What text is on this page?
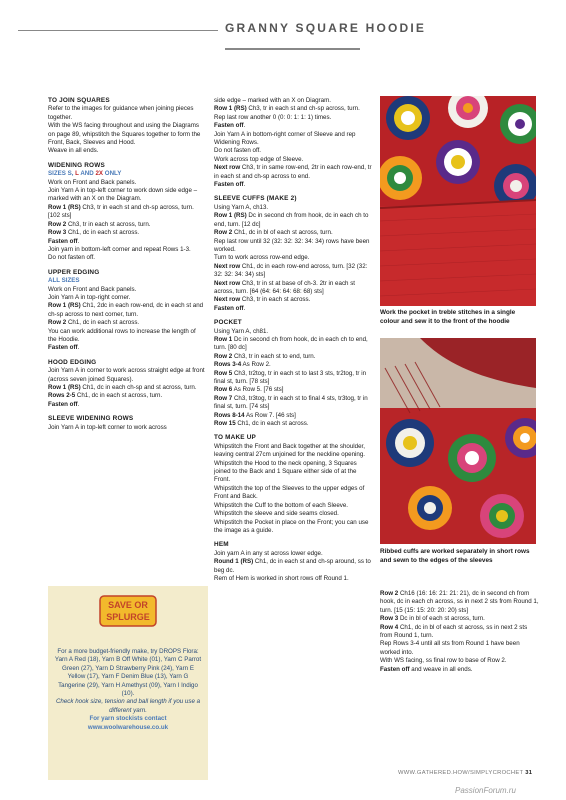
GRANNY SQUARE HOODIE

TO JOIN SQUARES

Refer to the images for guidance when joining pieces together.

With the WS facing throughout and using the Diagrams on page 89, whipstitch the Squares together to form the Front, Back, Sleeves and Hood.

Weave in all ends.

WIDENING ROWS

SIZES S, L AND 2X ONLY

Work on Front and Back panels.

Join Yarn A in top-left corner to work down side edge – marked with an X on the Diagram.

Row 1 (RS) Ch3, tr in each st and ch-sp across, turn. [102 sts]

Row 2 Ch3, tr in each st across, turn.

Row 3 Ch1, dc in each st across.

Fasten off.

Join yarn in bottom-left corner and repeat Rows 1-3.

Do not fasten off.

UPPER EDGING

ALL SIZES

Work on Front and Back panels.

Join Yarn A in top-right corner.

Row 1 (RS) Ch1, 2dc in each row-end, dc in each st and ch-sp across to next corner, turn.

Row 2 Ch1, dc in each st across.

You can work additional rows to increase the length of the Hoodie.

Fasten off.

HOOD EDGING

Join Yarn A in corner to work across straight edge at front (across seven joined Squares).

Row 1 (RS) Ch1, dc in each ch-sp and st across, turn.

Rows 2-5 Ch1, dc in each st across, turn.

Fasten off.

SLEEVE WIDENING ROWS

Join Yarn A in top-left corner to work across

side edge – marked with an X on Diagram.

Row 1 (RS) Ch3, tr in each st and ch-sp across, turn.

Rep last row another 0 (0: 0: 1: 1: 1) times.

Fasten off.

Join Yarn A in bottom-right corner of Sleeve and rep Widening Rows.

Do not fasten off.

Work across top edge of Sleeve.

Next row Ch3, tr in same row-end, 2tr in each row-end, tr in each st and ch-sp across to end.

Fasten off.

SLEEVE CUFFS (MAKE 2)

Using Yarn A, ch13.

Row 1 (RS) Dc in second ch from hook, dc in each ch to end, turn. [12 dc]

Row 2 Ch1, dc in bl of each st across, turn.

Rep last row until 32 (32: 32: 32: 34: 34) rows have been worked.

Turn to work across row-end edge.

Next row Ch1, dc in each row-end across, turn. [32 (32: 32: 32: 34: 34) sts]

Next row Ch3, tr in st at base of ch-3. 2tr in each st across, turn. [64 (64: 64: 64: 68: 68) sts]

Next row Ch3, tr in each st across.

Fasten off.

POCKET

Using Yarn A, ch81.

Row 1 Dc in second ch from hook, dc in each ch to end, turn. [80 dc]

Row 2 Ch3, tr in each st to end, turn.

Rows 3-4 As Row 2.

Row 5 Ch3, tr2tog, tr in each st to last 3 sts, tr2tog, tr in final st, turn. [78 sts]

Row 6 As Row 5. [76 sts]

Row 7 Ch3, tr3tog, tr in each st to final 4 sts, tr3tog, tr in final st, turn. [74 sts]

Rows 8-14 As Row 7. [46 sts]

Row 15 Ch1, dc in each st across.

TO MAKE UP

Whipstitch the Front and Back together at the shoulder, leaving central 27cm unjoined for the neckline opening.

Whipstitch the Hood to the neck opening, 3 Squares joined to the Back and 1 Square either side of at the Front.

Whipstitch the top of the Sleeves to the upper edges of Front and Back.

Whipstitch the Cuff to the bottom of each Sleeve.

Whipstitch the sleeve and side seams closed.

Whipstitch the Pocket in place on the Front; you can use the image as a guide.

HEM

Join yarn A in any st across lower edge.

Round 1 (RS) Ch1, dc in each st and ch-sp around, ss to beg dc.

Rem of Hem is worked in short rows off Round 1.

Work the pocket in treble stitches in a single colour and sew it to the front of the hoodie
Ribbed cuffs are worked separately in short rows and sewn to the edges of the sleeves

Row 2 Ch16 (16: 16: 21: 21: 21), dc in second ch from hook, dc in each ch across, ss in next 2 sts from Round 1, turn. [15 (15: 15: 20: 20: 20) sts]

Row 3 Dc in bl of each st across, turn.

Row 4 Ch1, dc in bl of each st across, ss in next 2 sts from Round 1, turn.

Rep Rows 3-4 until all sts from Round 1 have been worked into.

With WS facing, ss final row to base of Row 2.

Fasten off and weave in all ends.

SAVE OR
SPLURGE

For a more budget-friendly make, try DROPS Flora: Yarn A Red (18), Yarn B Off White (01), Yarn C Parrot Green (27), Yarn D Strawberry Pink (24), Yarn E Yellow (17), Yarn F Denim Blue (13), Yarn G Tangerine (29), Yarn H Amethyst (09), Yarn I Indigo (10).

Check hook size, tension and ball length if you use a different yarn.

For yarn stockists contact

www.woolwarehouse.co.uk

WWW.GATHERED.HOW/SIMPLYCROCHET 31
PassionForum.ru
